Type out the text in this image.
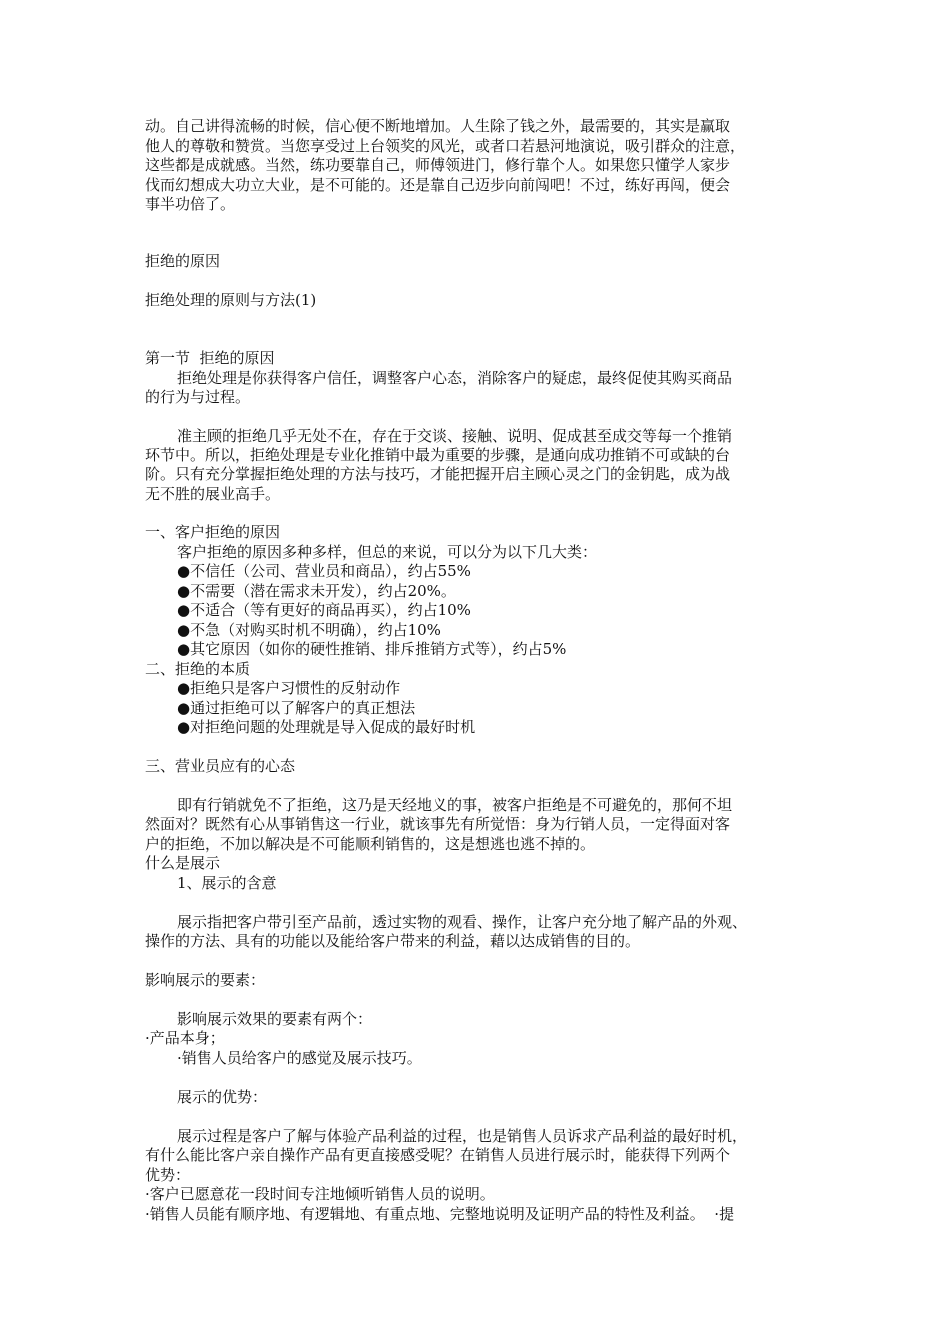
动。自己讲得流畅的时候，信心便不断地增加。人生除了钱之外，最需要的，其实是赢取
他人的尊敬和赞赏。当您享受过上台领奖的风光，或者口若悬河地演说，吸引群众的注意，
这些都是成就感。当然，练功要靠自己，师傅领进门，修行靠个人。如果您只懂学人家步
伐而幻想成大功立大业，是不可能的。还是靠自己迈步向前闯吧！不过，练好再闯，便会
事半功倍了。
拒绝的原因
拒绝处理的原则与方法(1)
第一节  拒绝的原因
拒绝处理是你获得客户信任，调整客户心态，消除客户的疑虑，最终促使其购买商品
的行为与过程。
准主顾的拒绝几乎无处不在，存在于交谈、接触、说明、促成甚至成交等每一个推销
环节中。所以，拒绝处理是专业化推销中最为重要的步骤，是通向成功推销不可或缺的台
阶。只有充分掌握拒绝处理的方法与技巧，才能把握开启主顾心灵之门的金钥匙，成为战
无不胜的展业高手。
一、客户拒绝的原因
客户拒绝的原因多种多样，但总的来说，可以分为以下几大类：
●不信任（公司、营业员和商品），约占55%
●不需要（潜在需求未开发），约占20%。
●不适合（等有更好的商品再买），约占10%
●不急（对购买时机不明确），约占10%
●其它原因（如你的硬性推销、排斥推销方式等），约占5%
二、拒绝的本质
●拒绝只是客户习惯性的反射动作
●通过拒绝可以了解客户的真正想法
●对拒绝问题的处理就是导入促成的最好时机
三、营业员应有的心态
即有行销就免不了拒绝，这乃是天经地义的事，被客户拒绝是不可避免的，那何不坦
然面对？既然有心从事销售这一行业，就该事先有所觉悟：身为行销人员，一定得面对客
户的拒绝，不加以解决是不可能顺利销售的，这是想逃也逃不掉的。
什么是展示
1、展示的含意
展示指把客户带引至产品前，透过实物的观看、操作，让客户充分地了解产品的外观、
操作的方法、具有的功能以及能给客户带来的利益，藉以达成销售的目的。
影响展示的要素：
影响展示效果的要素有两个：
·产品本身；
·销售人员给客户的感觉及展示技巧。
展示的优势：
展示过程是客户了解与体验产品利益的过程，也是销售人员诉求产品利益的最好时机，
有什么能比客户亲自操作产品有更直接感受呢？在销售人员进行展示时，能获得下列两个
优势：
·客户已愿意花一段时间专注地倾听销售人员的说明。
·销售人员能有顺序地、有逻辑地、有重点地、完整地说明及证明产品的特性及利益。  ·提
